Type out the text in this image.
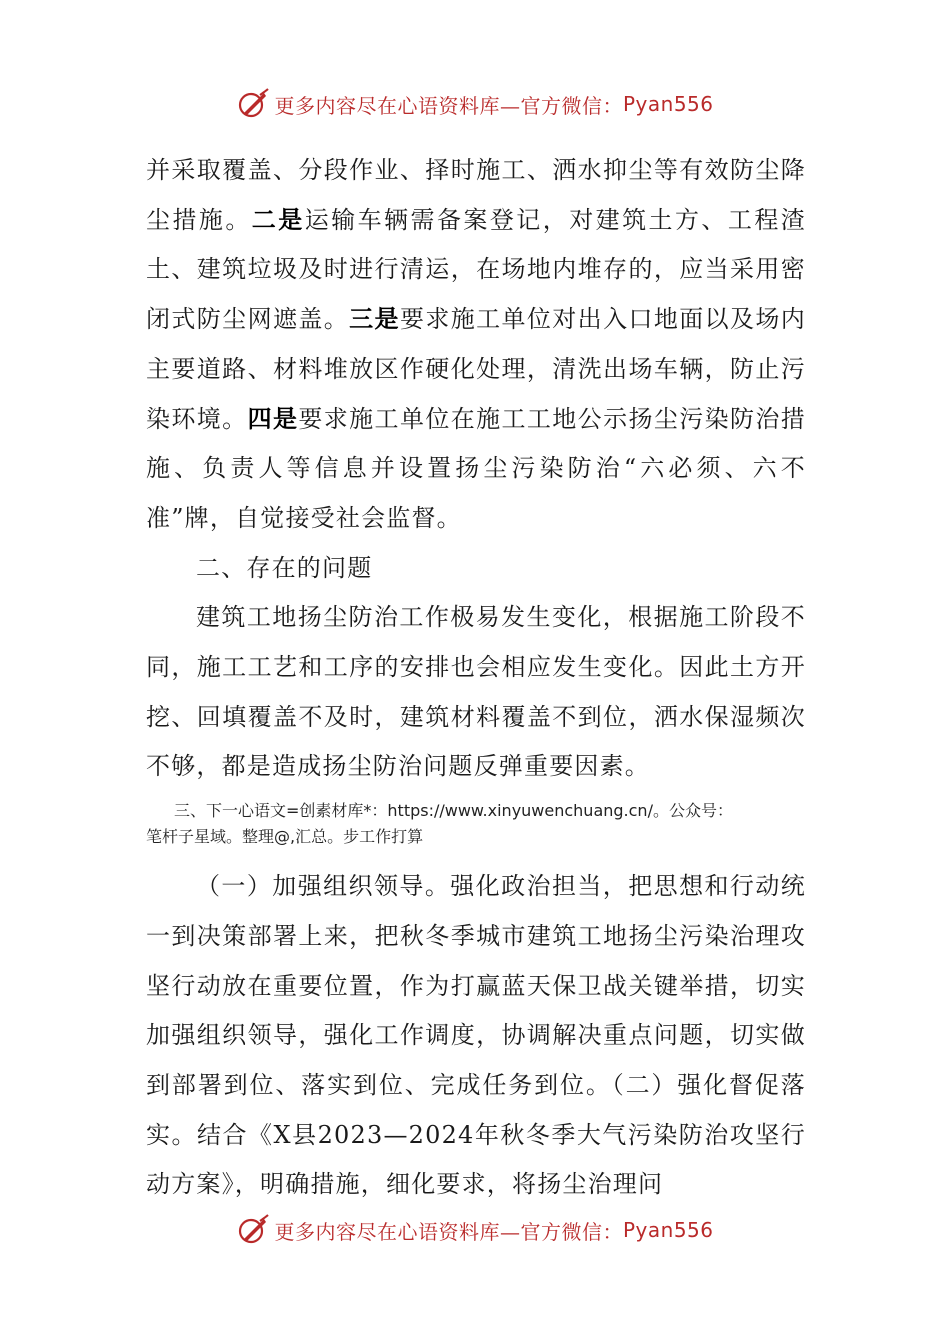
更多内容尽在心语资料库—官方微信： Pyan556

并采取覆盖、分段作业、择时施工、洒水抑尘等有效防尘降尘措施。二是运输车辆需备案登记，对建筑土方、工程渣土、建筑垃圾及时进行清运，在场地内堆存的，应当采用密闭式防尘网遮盖。三是要求施工单位对出入口地面以及场内主要道路、材料堆放区作硬化处理，清洗出场车辆，防止污染环境。四是要求施工单位在施工工地公示扬尘污染防治措施、负责人等信息并设置扬尘污染防治“六必须、六不准”牌，自觉接受社会监督。

二、存在的问题

建筑工地扬尘防治工作极易发生变化，根据施工阶段不同，施工工艺和工序的安排也会相应发生变化。因此土方开挖、回填覆盖不及时，建筑材料覆盖不到位，洒水保湿频次不够，都是造成扬尘防治问题反弹重要因素。

三、下一心语文=创素材库*：https://www.xinyuwenchuang.cn/。公众号：
笔杆子星域。整理@,汇总。步工作打算

（一）加强组织领导。强化政治担当，把思想和行动统一到决策部署上来，把秋冬季城市建筑工地扬尘污染治理攻坚行动放在重要位置，作为打赢蓝天保卫战关键举措，切实加强组织领导，强化工作调度，协调解决重点问题，切实做到部署到位、落实到位、完成任务到位。（二）强化督促落实。结合《X县2023—2024年秋冬季大气污染防治攻坚行动方案》，明确措施，细化要求，将扬尘治理问

更多内容尽在心语资料库—官方微信： Pyan556
